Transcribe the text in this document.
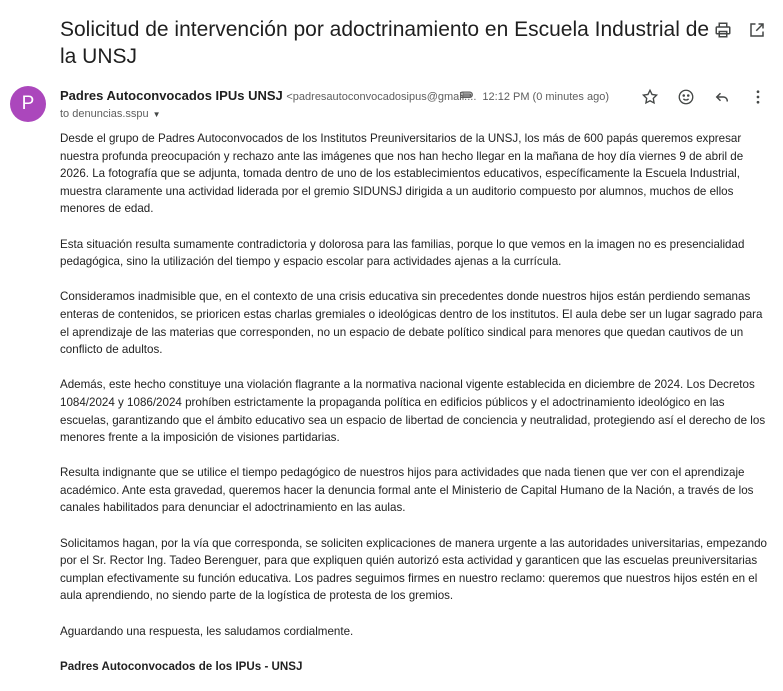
Solicitud de intervención por adoctrinamiento en Escuela Industrial de la UNSJ
P Padres Autoconvocados IPUs UNSJ <padresautoconvocadosipus@gmail....
to denuncias.sspu ▼
12:12 PM (0 minutes ago)

Desde el grupo de Padres Autoconvocados de los Institutos Preuniversitarios de la UNSJ, los más de 600 papás queremos expresar nuestra profunda preocupación y rechazo ante las imágenes que nos han hecho llegar en la mañana de hoy día viernes 9 de abril de 2026. La fotografía que se adjunta, tomada dentro de uno de los establecimientos educativos, específicamente la Escuela Industrial, muestra claramente una actividad liderada por el gremio SIDUNSJ dirigida a un auditorio compuesto por alumnos, muchos de ellos menores de edad.

Esta situación resulta sumamente contradictoria y dolorosa para las familias, porque lo que vemos en la imagen no es presencialidad pedagógica, sino la utilización del tiempo y espacio escolar para actividades ajenas a la currícula.

Consideramos inadmisible que, en el contexto de una crisis educativa sin precedentes donde nuestros hijos están perdiendo semanas enteras de contenidos, se prioricen estas charlas gremiales o ideológicas dentro de los institutos. El aula debe ser un lugar sagrado para el aprendizaje de las materias que corresponden, no un espacio de debate político sindical para menores que quedan cautivos de un conflicto de adultos.

Además, este hecho constituye una violación flagrante a la normativa nacional vigente establecida en diciembre de 2024. Los Decretos 1084/2024 y 1086/2024 prohíben estrictamente la propaganda política en edificios públicos y el adoctrinamiento ideológico en las escuelas, garantizando que el ámbito educativo sea un espacio de libertad de conciencia y neutralidad, protegiendo así el derecho de los menores frente a la imposición de visiones partidarias.

Resulta indignante que se utilice el tiempo pedagógico de nuestros hijos para actividades que nada tienen que ver con el aprendizaje académico. Ante esta gravedad, queremos hacer la denuncia formal ante el Ministerio de Capital Humano de la Nación, a través de los canales habilitados para denunciar el adoctrinamiento en las aulas.

Solicitamos hagan, por la vía que corresponda, se soliciten explicaciones de manera urgente a las autoridades universitarias, empezando por el Sr. Rector Ing. Tadeo Berenguer, para que expliquen quién autorizó esta actividad y garanticen que las escuelas preuniversitarias cumplan efectivamente su función educativa. Los padres seguimos firmes en nuestro reclamo: queremos que nuestros hijos estén en el aula aprendiendo, no siendo parte de la logística de protesta de los gremios.

Aguardando una respuesta, les saludamos cordialmente.

Padres Autoconvocados de los IPUs - UNSJ
